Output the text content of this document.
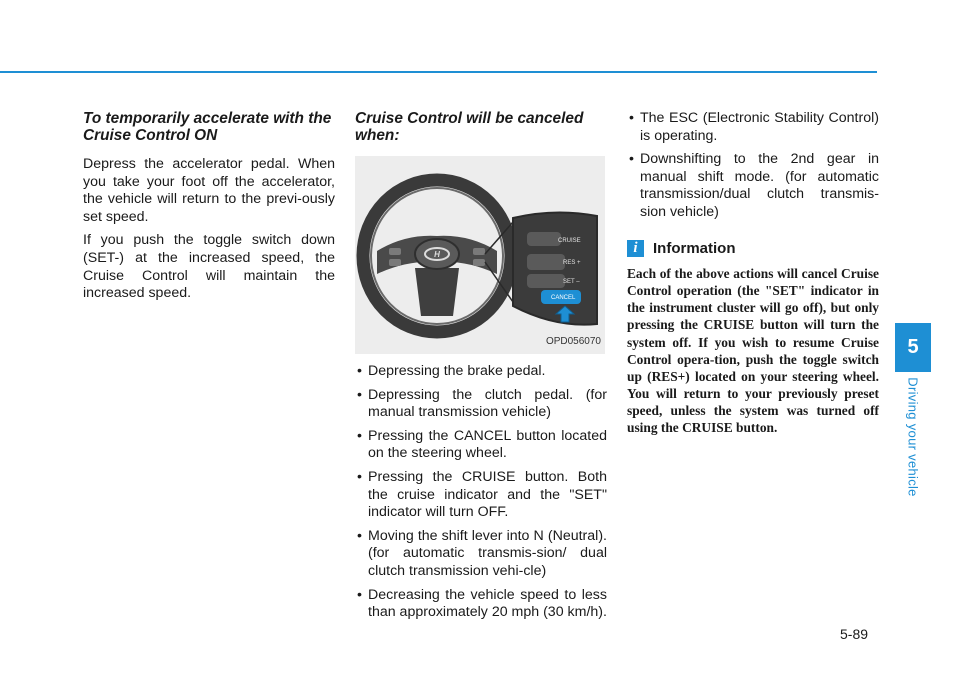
To temporarily accelerate with the Cruise Control ON

Depress the accelerator pedal. When you take your foot off the accelerator, the vehicle will return to the previ-ously set speed.

If you push the toggle switch down (SET-) at the increased speed, the Cruise Control will maintain the increased speed.

Cruise Control will be canceled when:
H
CRUISE
RES +
SET –
CANCEL
OPD056070
• Depressing the brake pedal.
• Depressing the clutch pedal. (for manual transmission vehicle)
• Pressing the CANCEL button located on the steering wheel.
• Pressing the CRUISE button. Both the cruise indicator and the "SET" indicator will turn OFF.
• Moving the shift lever into N (Neutral).(for automatic transmis-sion/ dual clutch transmission vehi-cle)
• Decreasing the vehicle speed to less than approximately 20 mph (30 km/h).
• The ESC (Electronic Stability Control) is operating.
• Downshifting to the 2nd gear in manual shift mode. (for automatic transmission/dual clutch transmis-sion vehicle)
i	Information

Each of the above actions will cancel Cruise Control operation (the "SET" indicator in the instrument cluster will go off), but only pressing the CRUISE button will turn the system off. If you wish to resume Cruise Control opera-tion, push the toggle switch up (RES+) located on your steering wheel. You will return to your previously preset speed, unless the system was turned off using the CRUISE button.

5
Driving your vehicle
5-89
